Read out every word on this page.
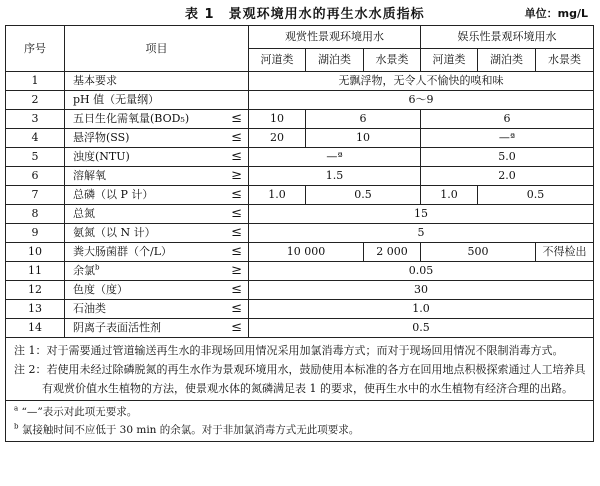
表 1　景观环境用水的再生水水质指标	单位：mg/L
序号	项目		观赏性景观环境用水			娱乐性景观环境用水		
			河道类	湖泊类	水景类	河道类	湖泊类	水景类
1	基本要求		无飘浮物，无令人不愉快的嗅和味					
2	pH 值（无量纲）		6～9					
3	五日生化需氧量(BOD₅)	≤	10	6		6		
4	悬浮物(SS)	≤	20	10		—ª		
5	浊度(NTU)	≤	—ª			5.0		
6	溶解氧	≥	1.5			2.0		
7	总磷（以 P 计）	≤	1.0	0.5		1.0	0.5	
8	总氮	≤	15					
9	氨氮（以 N 计）	≤	5					
10	粪大肠菌群（个/L）	≤	10 000		2 000	500		不得检出
11	余氯$^b$	≥	0.05					
12	色度（度）	≤	30					
13	石油类	≤	1.0					
14	阴离子表面活性剂	≤	0.5					

注 1：对于需要通过管道输送再生水的非现场回用情况采用加氯消毒方式；而对于现场回用情况不限制消毒方式。
注 2：若使用未经过除磷脱氮的再生水作为景观环境用水，鼓励使用本标准的各方在回用地点积极探索通过人工培养具有观赏价值水生植物的方法，使景观水体的氮磷满足表 1 的要求，使再生水中的水生植物有经济合理的出路。								

$^a$ “—”表示对此项无要求。
$^b$ 氯接触时间不应低于 30 min 的余氯。对于非加氯消毒方式无此项要求。								
